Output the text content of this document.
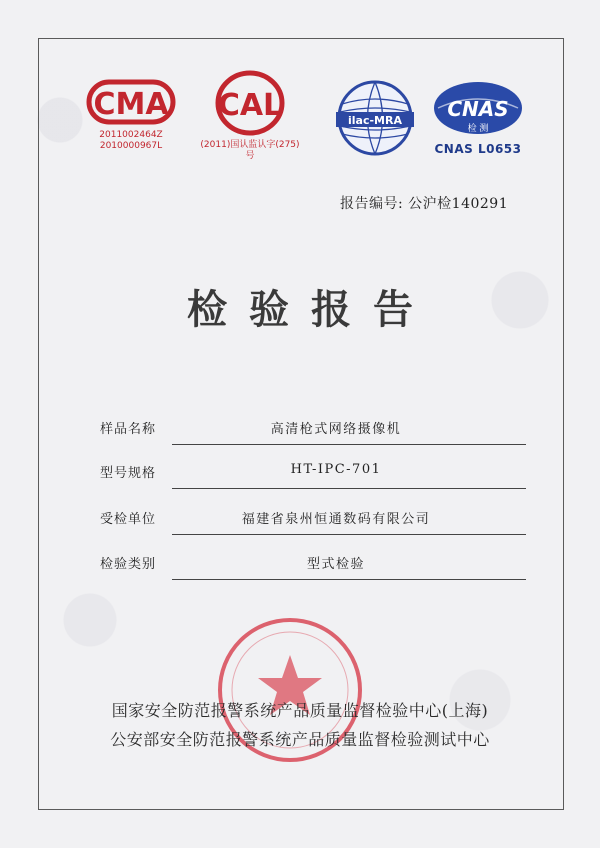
CMA
2011002464Z
2010000967L
CAL
(2011)国认监认字(275)号
ilac-MRA CNAS
检 测
CNAS L0653
报告编号: 公沪检140291
检验报告
样品名称	高清枪式网络摄像机
型号规格	HT-IPC-701
受检单位	福建省泉州恒通数码有限公司
检验类别	型式检验
国家安全防范报警系统产品质量监督检验中心(上海)
公安部安全防范报警系统产品质量监督检验测试中心
